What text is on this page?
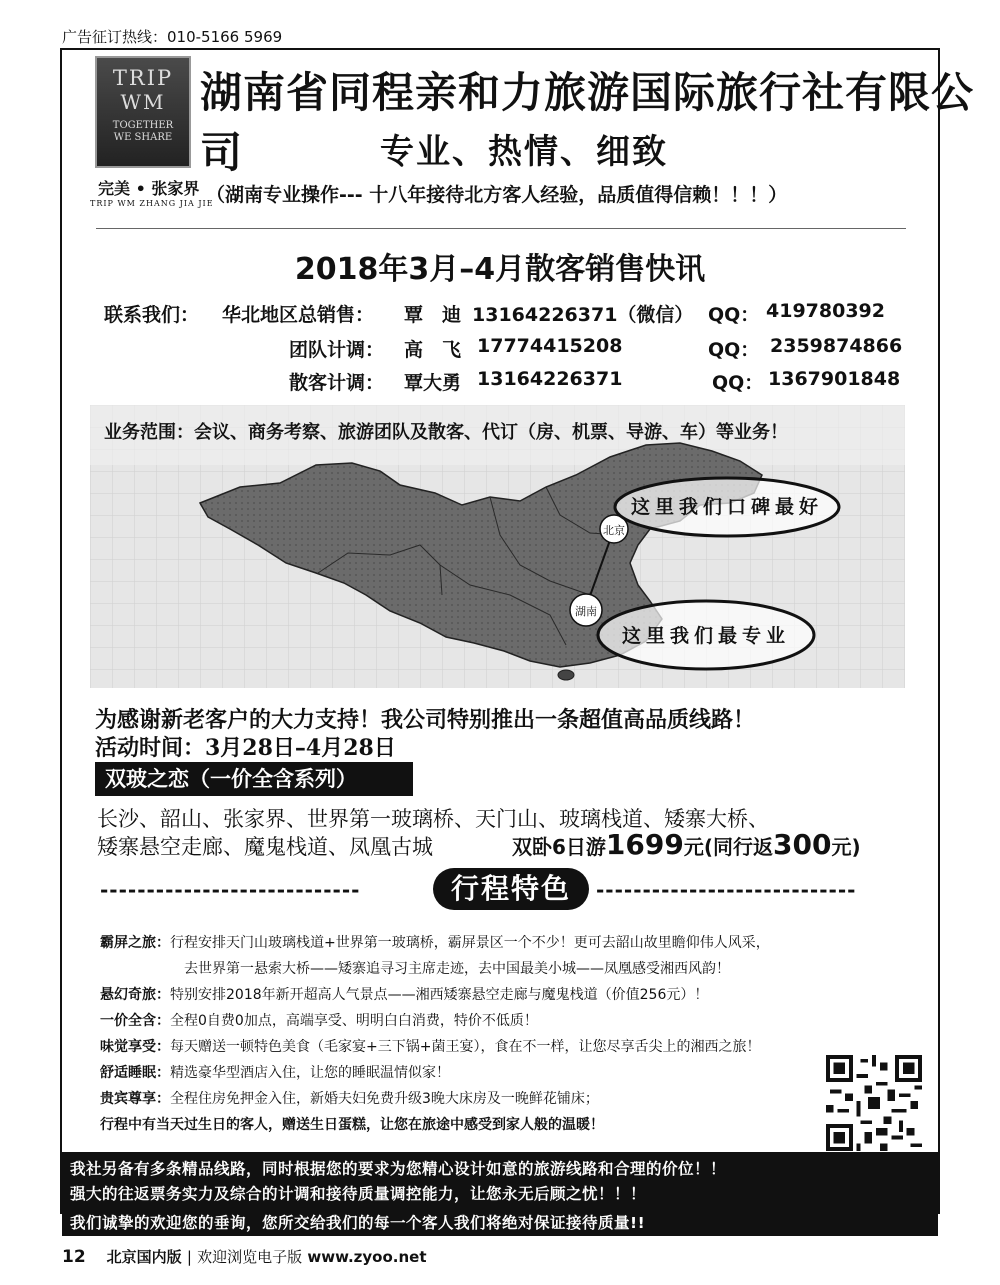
广告征订热线：010-5166 5969
TRIP
WM
TOGETHER
WE SHARE
完美 • 张家界
TRIP WM ZHANG JIA JIE
湖南省同程亲和力旅游国际旅行社有限公司	专业、热情、细致
（湖南专业操作--- 十八年接待北方客人经验，品质值得信赖！！！）
2018年3月–4月散客销售快讯
联系我们： 华北地区总销售： 覃　迪 13164226371（微信） QQ： 419780392
团队计调： 高　飞 17774415208	QQ： 2359874866
散客计调： 覃大勇 13164226371	QQ： 1367901848
北京
湖南
这里我们口碑最好
这里我们最专业
业务范围：会议、商务考察、旅游团队及散客、代订（房、机票、导游、车）等业务！
为感谢新老客户的大力支持！我公司特别推出一条超值高品质线路！
活动时间：3月28日–4月28日
双玻之恋（一价全含系列）
长沙、韶山、张家界、世界第一玻璃桥、天门山、玻璃栈道、矮寨大桥、
矮寨悬空走廊、魔鬼栈道、凤凰古城	双卧6日游1699元(同行返300元)
----------------------------	行程特色	----------------------------
霸屏之旅：行程安排天门山玻璃栈道+世界第一玻璃桥，霸屏景区一个不少！更可去韶山故里瞻仰伟人风采，
去世界第一悬索大桥——矮寨追寻习主席走迹，去中国最美小城——凤凰感受湘西风韵！
悬幻奇旅：特别安排2018年新开超高人气景点——湘西矮寨悬空走廊与魔鬼栈道（价值256元）！
一价全含：全程0自费0加点，高端享受、明明白白消费，特价不低质！
味觉享受：每天赠送一顿特色美食（毛家宴+三下锅+菌王宴），食在不一样，让您尽享舌尖上的湘西之旅！
舒适睡眠：精选豪华型酒店入住，让您的睡眠温情似家！
贵宾尊享：全程住房免押金入住，新婚夫妇免费升级3晚大床房及一晚鲜花铺床；
行程中有当天过生日的客人，赠送生日蛋糕，让您在旅途中感受到家人般的温暖！
我社另备有多条精品线路，同时根据您的要求为您精心设计如意的旅游线路和合理的价位！！
强大的往返票务实力及综合的计调和接待质量调控能力，让您永无后顾之忧！！！
我们诚挚的欢迎您的垂询，您所交给我们的每一个客人我们将绝对保证接待质量!!
12 北京国内版 | 欢迎浏览电子版 www.zyoo.net
